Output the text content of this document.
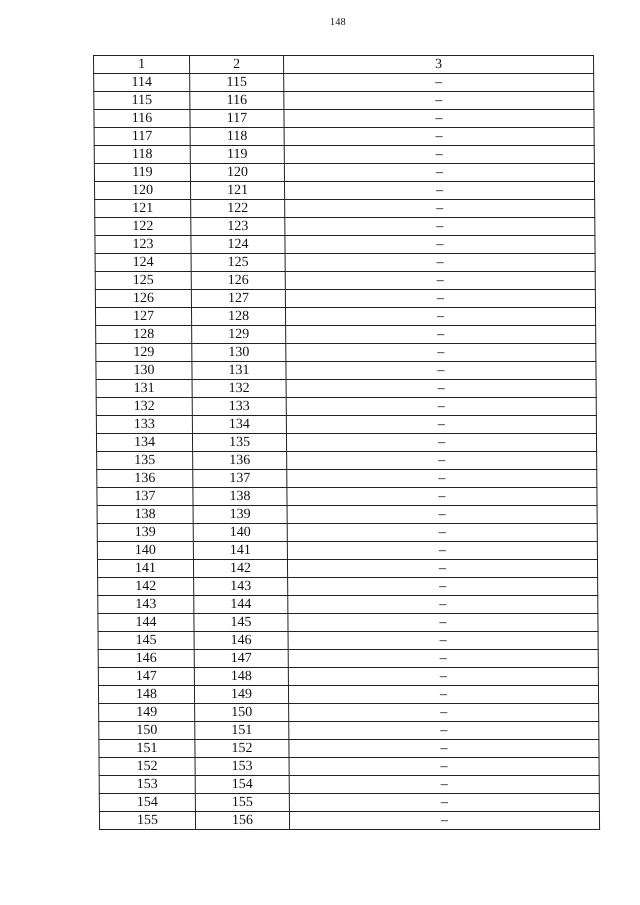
148
1	2	3
114	115	–
115	116	–
116	117	–
117	118	–
118	119	–
119	120	–
120	121	–
121	122	–
122	123	–
123	124	–
124	125	–
125	126	–
126	127	–
127	128	–
128	129	–
129	130	–
130	131	–
131	132	–
132	133	–
133	134	–
134	135	–
135	136	–
136	137	–
137	138	–
138	139	–
139	140	–
140	141	–
141	142	–
142	143	–
143	144	–
144	145	–
145	146	–
146	147	–
147	148	–
148	149	–
149	150	–
150	151	–
151	152	–
152	153	–
153	154	–
154	155	–
155	156	–
